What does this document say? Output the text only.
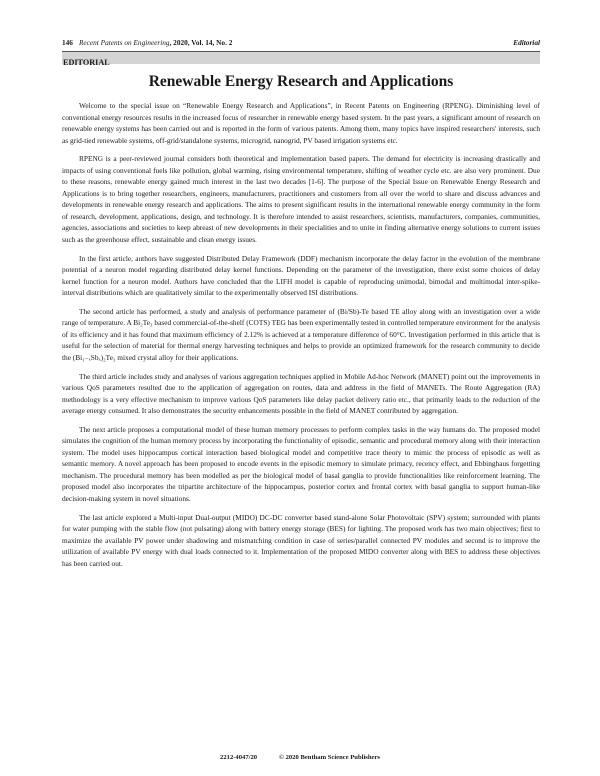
146 Recent Patents on Engineering, 2020, Vol. 14, No. 2	Editorial
EDITORIAL
Renewable Energy Research and Applications

Welcome to the special issue on “Renewable Energy Research and Applications”, in Recent Patents on Engineering (RPENG). Diminishing level of conventional energy resources results in the increased focus of researcher in renewable energy based system. In the past years, a significant amount of research on renewable energy systems has been carried out and is reported in the form of various patents. Among them, many topics have inspired researchers' interests, such as grid-tied renewable systems, off-grid/standalone systems, microgrid, nanogrid, PV based irrigation systems etc.

RPENG is a peer-reviewed journal considers both theoretical and implementation based papers. The demand for electricity is increasing drastically and impacts of using conventional fuels like pollution, global warming, rising environmental temperature, shifting of weather cycle etc. are also very prominent. Due to these reasons, renewable energy gained much interest in the last two decades [1-6]. The purpose of the Special Issue on Renewable Energy Research and Applications is to bring together researchers, engineers, manufacturers, practitioners and customers from all over the world to share and discuss advances and developments in renewable energy research and applications. The aims to present significant results in the international renewable energy community in the form of research, development, applications, design, and technology. It is therefore intended to assist researchers, scientists, manufacturers, companies, communities, agencies, associations and societies to keep abreast of new developments in their specialities and to unite in finding alternative energy solutions to current issues such as the greenhouse effect, sustainable and clean energy issues.

In the first article, authors have suggested Distributed Delay Framework (DDF) mechanism incorporate the delay factor in the evolution of the membrane potential of a neuron model regarding distributed delay kernel functions. Depending on the parameter of the investigation, there exist some choices of delay kernel function for a neuron model. Authors have concluded that the LIFH model is capable of reproducing unimodal, bimodal and multimodal inter-spike- interval distributions which are qualitatively similar to the experimentally observed ISI distributions.

The second article has performed, a study and analysis of performance parameter of (Bi/Sb)-Te based TE alloy along with an investigation over a wide range of temperature. A Bi₂Te₃ based commercial-of-the-shelf (COTS) TEG has been experimentally tested in controlled temperature environment for the analysis of its efficiency and it has found that maximum efficiency of 2.12% is achieved at a temperature difference of 60°C. Investigation performed in this article that is useful for the selection of material for thermal energy harvesting techniques and helps to provide an optimized framework for the research community to decide the (Bi₁₋ₓSbₓ)₂Te₃ mixed crystal alloy for their applications.

The third article includes study and analyses of various aggregation techniques applied in Mobile Ad-hoc Network (MANET) point out the improvements in various QoS parameters resulted due to the application of aggregation on routes, data and address in the field of MANETs. The Route Aggregation (RA) methodology is a very effective mechanism to improve various QoS parameters like delay packet delivery ratio etc., that primarily leads to the reduction of the average energy consumed. It also demonstrates the security enhancements possible in the field of MANET contributed by aggregation.

The next article proposes a computational model of these human memory processes to perform complex tasks in the way humans do. The proposed model simulates the cognition of the human memory process by incorporating the functionality of episodic, semantic and procedural memory along with their interaction system. The model uses hippocampus cortical interaction based biological model and competitive trace theory to mimic the process of episodic as well as semantic memory. A novel approach has been proposed to encode events in the episodic memory to simulate primacy, recency effect, and Ebbinghaus forgetting mechanism. The procedural memory has been modelled as per the biological model of basal ganglia to provide functionalities like reinforcement learning. The proposed model also incorporates the tripartite architecture of the hippocampus, posterior cortex and frontal cortex with basal ganglia to support human-like decision-making system in novel situations.

The last article explored a Multi-input Dual-output (MIDO) DC-DC converter based stand-alone Solar Photovoltaic (SPV) system; surrounded with plants for water pumping with the stable flow (not pulsating) along with battery energy storage (BES) for lighting. The proposed work has two main objectives; first to maximize the available PV power under shadowing and mismatching condition in case of series/parallel connected PV modules and second is to improve the utilization of available PV energy with dual loads connected to it. Implementation of the proposed MIDO converter along with BES to address these objectives has been carried out.

2212-4047/20	© 2020 Bentham Science Publishers
